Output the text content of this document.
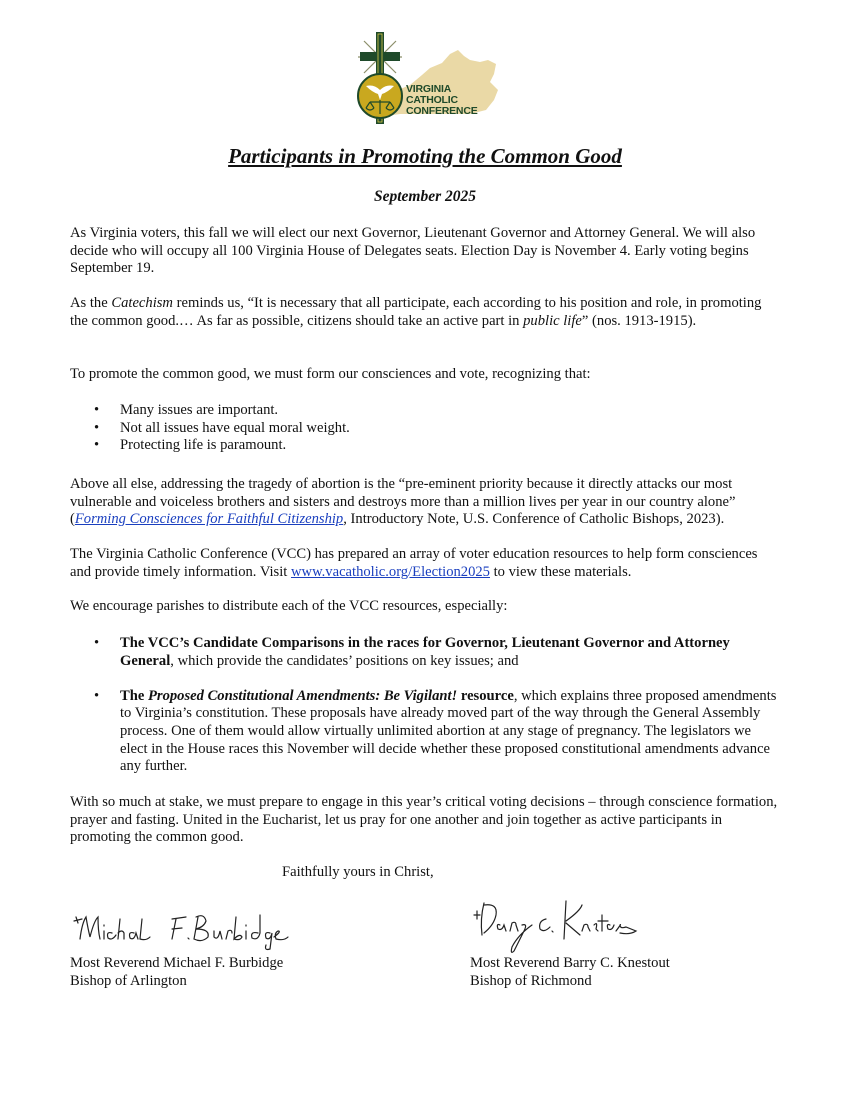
VIRGINIA
CATHOLIC
CONFERENCE
Participants in Promoting the Common Good
September 2025

As Virginia voters, this fall we will elect our next Governor, Lieutenant Governor and Attorney General. We will also decide who will occupy all 100 Virginia House of Delegates seats. Election Day is November 4. Early voting begins September 19.

As the Catechism reminds us, “It is necessary that all participate, each according to his position and role, in promoting the common good.… As far as possible, citizens should take an active part in public life” (nos. 1913-1915).

To promote the common good, we must form our consciences and vote, recognizing that:

• Many issues are important.
• Not all issues have equal moral weight.
• Protecting life is paramount.

Above all else, addressing the tragedy of abortion is the “pre-eminent priority because it directly attacks our most vulnerable and voiceless brothers and sisters and destroys more than a million lives per year in our country alone” (Forming Consciences for Faithful Citizenship, Introductory Note, U.S. Conference of Catholic Bishops, 2023).

The Virginia Catholic Conference (VCC) has prepared an array of voter education resources to help form consciences and provide timely information. Visit www.vacatholic.org/Election2025 to view these materials.

We encourage parishes to distribute each of the VCC resources, especially:

• The VCC’s Candidate Comparisons in the races for Governor, Lieutenant Governor and Attorney General, which provide the candidates’ positions on key issues; and
• The Proposed Constitutional Amendments: Be Vigilant! resource, which explains three proposed amendments to Virginia’s constitution. These proposals have already moved part of the way through the General Assembly process. One of them would allow virtually unlimited abortion at any stage of pregnancy. The legislators we elect in the House races this November will decide whether these proposed constitutional amendments advance any further.

With so much at stake, we must prepare to engage in this year’s critical voting decisions – through conscience formation, prayer and fasting. United in the Eucharist, let us pray for one another and join together as active participants in promoting the common good.

Faithfully yours in Christ,
Most Reverend Michael F. Burbidge
Bishop of Arlington
Most Reverend Barry C. Knestout
Bishop of Richmond
